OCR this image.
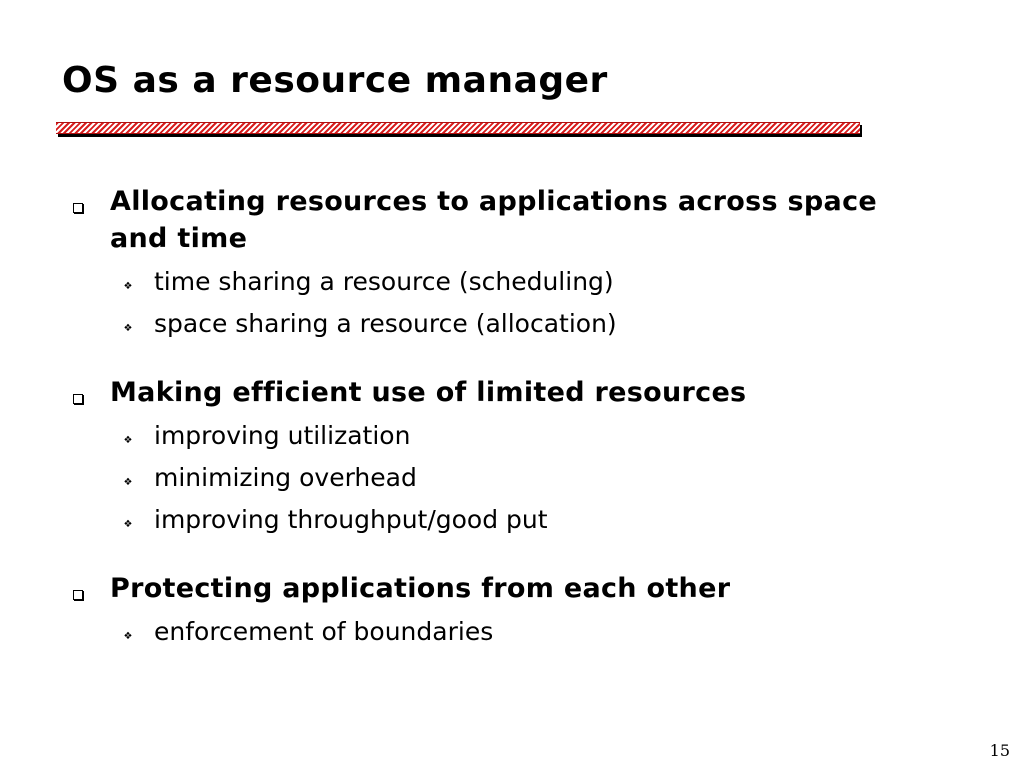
OS as a resource manager
Allocating resources to applications across space and time
❖ time sharing a resource (scheduling)
❖ space sharing a resource (allocation)
Making efficient use of limited resources
❖ improving utilization
❖ minimizing overhead
❖ improving throughput/good put
Protecting applications from each other
❖ enforcement of boundaries
15
